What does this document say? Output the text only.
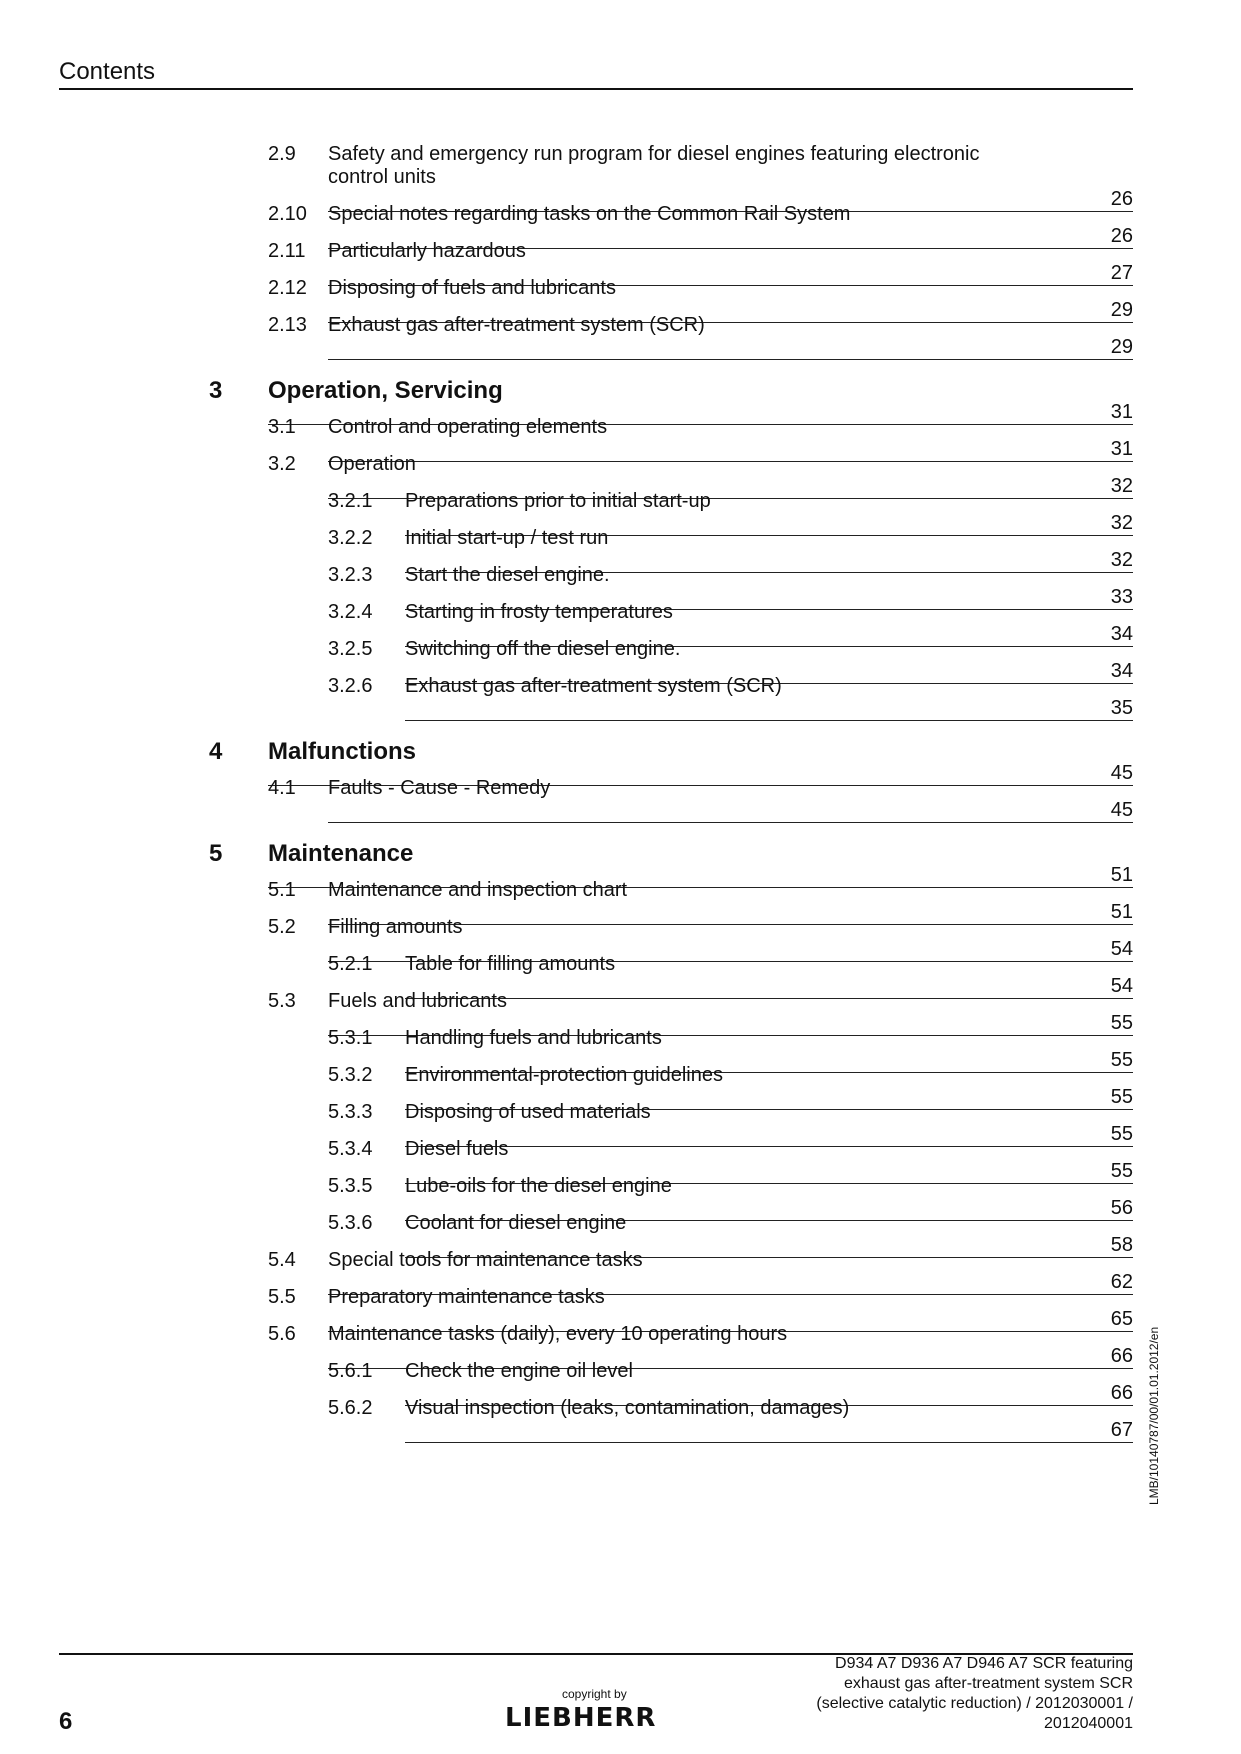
Contents
2.9 Safety and emergency run program for diesel engines featuring electronic
control units
26
2.10 Special notes regarding tasks on the Common Rail System
26
2.11 Particularly hazardous
27
2.12 Disposing of fuels and lubricants
29
2.13 Exhaust gas after-treatment system (SCR)
29
3 Operation, Servicing
31
3.1 Control and operating elements
31
3.2 Operation
32
3.2.1 Preparations prior to initial start-up
32
3.2.2 Initial start-up / test run
32
3.2.3 Start the diesel engine.
33
3.2.4 Starting in frosty temperatures
34
3.2.5 Switching off the diesel engine.
34
3.2.6 Exhaust gas after-treatment system (SCR)
35
4 Malfunctions
45
4.1 Faults - Cause - Remedy
45
5 Maintenance
51
5.1 Maintenance and inspection chart
51
5.2 Filling amounts
54
5.2.1 Table for filling amounts
54
5.3 Fuels and lubricants
55
5.3.1 Handling fuels and lubricants
55
5.3.2 Environmental-protection guidelines
55
5.3.3 Disposing of used materials
55
5.3.4 Diesel fuels
55
5.3.5 Lube-oils for the diesel engine
56
5.3.6 Coolant for diesel engine
58
5.4 Special tools for maintenance tasks
62
5.5 Preparatory maintenance tasks
65
5.6 Maintenance tasks (daily), every 10 operating hours
66
5.6.1 Check the engine oil level
66
5.6.2 Visual inspection (leaks, contamination, damages)
67 LMB/10140787/00/01.01.2012/en
6
copyright by
LIEBHERR
D934 A7 D936 A7 D946 A7 SCR featuring
exhaust gas after-treatment system SCR
(selective catalytic reduction) / 2012030001 /
2012040001
